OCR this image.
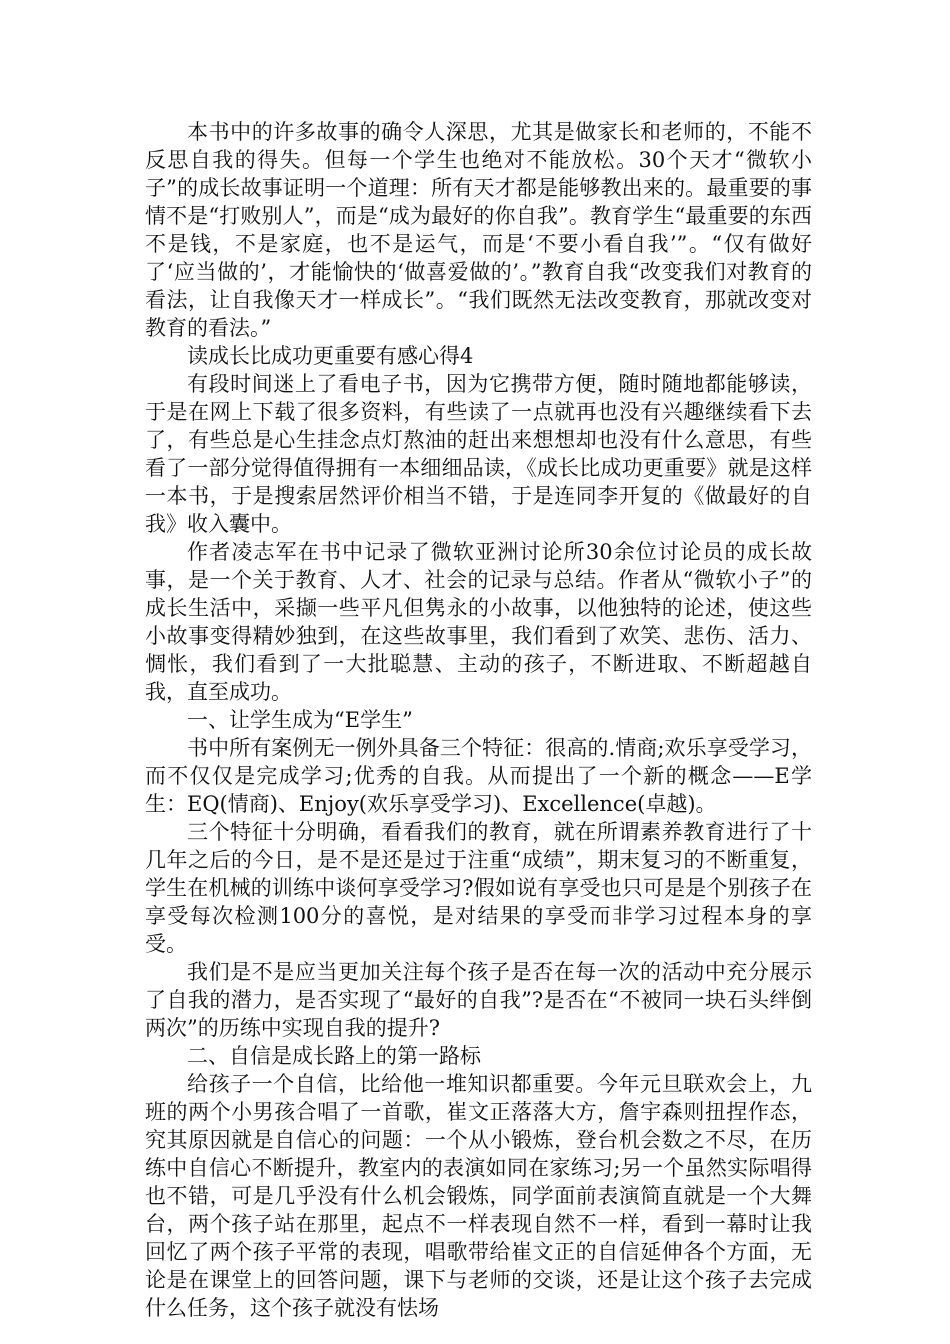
本书中的许多故事的确令人深思，尤其是做家长和老师的，不能不反思自我的得失。但每一个学生也绝对不能放松。30个天才“微软小子”的成长故事证明一个道理：所有天才都是能够教出来的。最重要的事情不是“打败别人”，而是“成为最好的你自我”。教育学生“最重要的东西不是钱，不是家庭，也不是运气，而是‘不要小看自我’”。“仅有做好了‘应当做的’，才能愉快的‘做喜爱做的’。”教育自我“改变我们对教育的看法，让自我像天才一样成长”。“我们既然无法改变教育，那就改变对教育的看法。”

读成长比成功更重要有感心得4

有段时间迷上了看电子书，因为它携带方便，随时随地都能够读，于是在网上下载了很多资料，有些读了一点就再也没有兴趣继续看下去了，有些总是心生挂念点灯熬油的赶出来想想却也没有什么意思，有些看了一部分觉得值得拥有一本细细品读，《成长比成功更重要》就是这样一本书，于是搜索居然评价相当不错，于是连同李开复的《做最好的自我》收入囊中。

作者凌志军在书中记录了微软亚洲讨论所30余位讨论员的成长故事，是一个关于教育、人才、社会的记录与总结。作者从“微软小子”的成长生活中，采撷一些平凡但隽永的小故事，以他独特的论述，使这些小故事变得精妙独到，在这些故事里，我们看到了欢笑、悲伤、活力、惆怅，我们看到了一大批聪慧、主动的孩子，不断进取、不断超越自我，直至成功。

一、让学生成为“E学生”

书中所有案例无一例外具备三个特征：很高的.情商;欢乐享受学习，而不仅仅是完成学习;优秀的自我。从而提出了一个新的概念——E学生：EQ(情商)、Enjoy(欢乐享受学习)、Excellence(卓越)。

三个特征十分明确，看看我们的教育，就在所谓素养教育进行了十几年之后的今日，是不是还是过于注重“成绩”，期末复习的不断重复，学生在机械的训练中谈何享受学习?假如说有享受也只可是是个别孩子在享受每次检测100分的喜悦，是对结果的享受而非学习过程本身的享受。

我们是不是应当更加关注每个孩子是否在每一次的活动中充分展示了自我的潜力，是否实现了“最好的自我”?是否在“不被同一块石头绊倒两次”的历练中实现自我的提升?

二、自信是成长路上的第一路标

给孩子一个自信，比给他一堆知识都重要。今年元旦联欢会上，九班的两个小男孩合唱了一首歌，崔文正落落大方，詹宇森则扭捏作态，究其原因就是自信心的问题：一个从小锻炼，登台机会数之不尽，在历练中自信心不断提升，教室内的表演如同在家练习;另一个虽然实际唱得也不错，可是几乎没有什么机会锻炼，同学面前表演简直就是一个大舞台，两个孩子站在那里，起点不一样表现自然不一样，看到一幕时让我回忆了两个孩子平常的表现，唱歌带给崔文正的自信延伸各个方面，无论是在课堂上的回答问题，课下与老师的交谈，还是让这个孩子去完成什么任务，这个孩子就没有怯场
